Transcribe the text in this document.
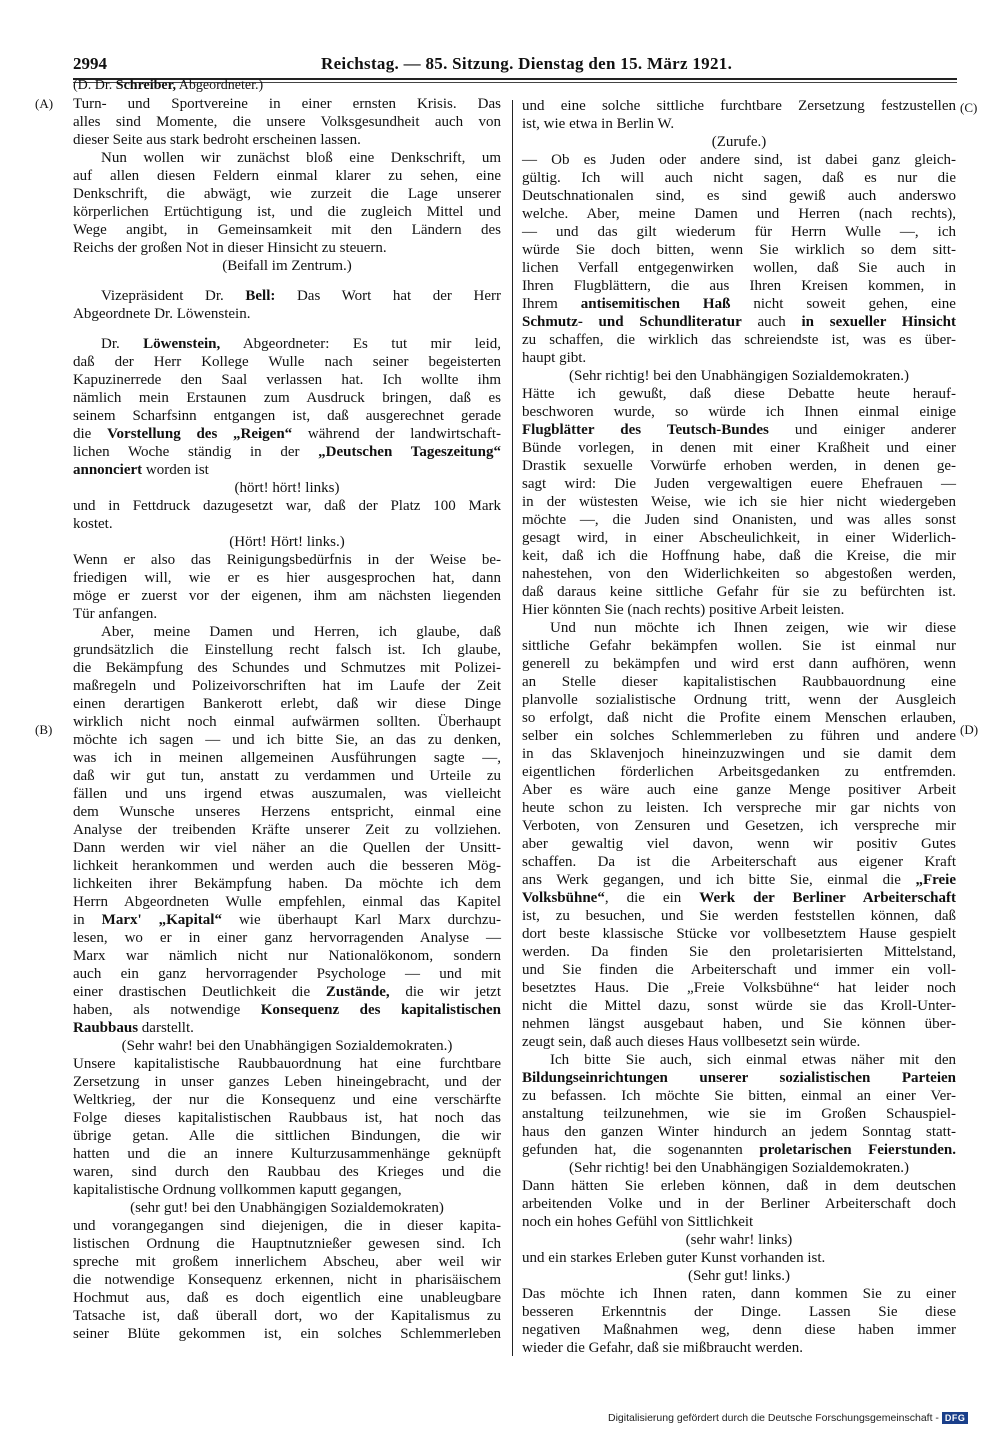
2994	Reichstag. — 85. Sitzung. Dienstag den 15. März 1921.
(A)
(B)
(C)
(D)
(D. Dr. Schreiber, Abgeordneter.)
Turn- und Sportvereine in einer ernsten Krisis. Das
alles sind Momente, die unsere Volksgesundheit auch von
dieser Seite aus stark bedroht erscheinen lassen.
Nun wollen wir zunächst bloß eine Denkschrift, um
auf allen diesen Feldern einmal klarer zu sehen, eine
Denkschrift, die abwägt, wie zurzeit die Lage unserer
körperlichen Ertüchtigung ist, und die zugleich Mittel und
Wege angibt, in Gemeinsamkeit mit den Ländern des
Reichs der großen Not in dieser Hinsicht zu steuern.
(Beifall im Zentrum.)
Vizepräsident Dr. Bell: Das Wort hat der Herr
Abgeordnete Dr. Löwenstein.
Dr. Löwenstein, Abgeordneter: Es tut mir leid,
daß der Herr Kollege Wulle nach seiner begeisterten
Kapuzinerrede den Saal verlassen hat. Ich wollte ihm
nämlich mein Erstaunen zum Ausdruck bringen, daß es
seinem Scharfsinn entgangen ist, daß ausgerechnet gerade
die Vorstellung des „Reigen“ während der landwirtschaft-
lichen Woche ständig in der „Deutschen Tageszeitung“
annonciert worden ist
(hört! hört! links)
und in Fettdruck dazugesetzt war, daß der Platz 100 Mark
kostet.
(Hört! Hört! links.)
Wenn er also das Reinigungsbedürfnis in der Weise be-
friedigen will, wie er es hier ausgesprochen hat, dann
möge er zuerst vor der eigenen, ihm am nächsten liegenden
Tür anfangen.
Aber, meine Damen und Herren, ich glaube, daß
grundsätzlich die Einstellung recht falsch ist. Ich glaube,
die Bekämpfung des Schundes und Schmutzes mit Polizei-
maßregeln und Polizeivorschriften hat im Laufe der Zeit
einen derartigen Bankerott erlebt, daß wir diese Dinge
wirklich nicht noch einmal aufwärmen sollten. Überhaupt
möchte ich sagen — und ich bitte Sie, an das zu denken,
was ich in meinen allgemeinen Ausführungen sagte —,
daß wir gut tun, anstatt zu verdammen und Urteile zu
fällen und uns irgend etwas auszumalen, was vielleicht
dem Wunsche unseres Herzens entspricht, einmal eine
Analyse der treibenden Kräfte unserer Zeit zu vollziehen.
Dann werden wir viel näher an die Quellen der Unsitt-
lichkeit herankommen und werden auch die besseren Mög-
lichkeiten ihrer Bekämpfung haben. Da möchte ich dem
Herrn Abgeordneten Wulle empfehlen, einmal das Kapitel
in Marx' „Kapital“ wie überhaupt Karl Marx durchzu-
lesen, wo er in einer ganz hervorragenden Analyse —
Marx war nämlich nicht nur Nationalökonom, sondern
auch ein ganz hervorragender Psychologe — und mit
einer drastischen Deutlichkeit die Zustände, die wir jetzt
haben, als notwendige Konsequenz des kapitalistischen
Raubbaus darstellt.
(Sehr wahr! bei den Unabhängigen Sozialdemokraten.)
Unsere kapitalistische Raubbauordnung hat eine furchtbare
Zersetzung in unser ganzes Leben hineingebracht, und der
Weltkrieg, der nur die Konsequenz und eine verschärfte
Folge dieses kapitalistischen Raubbaus ist, hat noch das
übrige getan. Alle die sittlichen Bindungen, die wir
hatten und die an innere Kulturzusammenhänge geknüpft
waren, sind durch den Raubbau des Krieges und die
kapitalistische Ordnung vollkommen kaputt gegangen,
(sehr gut! bei den Unabhängigen Sozialdemokraten)
und vorangegangen sind diejenigen, die in dieser kapita-
listischen Ordnung die Hauptnutznießer gewesen sind. Ich
spreche mit großem innerlichem Abscheu, aber weil wir
die notwendige Konsequenz erkennen, nicht in pharisäischem
Hochmut aus, daß es doch eigentlich eine unableugbare
Tatsache ist, daß überall dort, wo der Kapitalismus zu
seiner Blüte gekommen ist, ein solches Schlemmerleben
und eine solche sittliche furchtbare Zersetzung festzustellen
ist, wie etwa in Berlin W.
(Zurufe.)
— Ob es Juden oder andere sind, ist dabei ganz gleich-
gültig. Ich will auch nicht sagen, daß es nur die
Deutschnationalen sind, es sind gewiß auch anderswo
welche. Aber, meine Damen und Herren (nach rechts),
— und das gilt wiederum für Herrn Wulle —, ich
würde Sie doch bitten, wenn Sie wirklich so dem sitt-
lichen Verfall entgegenwirken wollen, daß Sie auch in
Ihren Flugblättern, die aus Ihren Kreisen kommen, in
Ihrem antisemitischen Haß nicht soweit gehen, eine
Schmutz- und Schundliteratur auch in sexueller Hinsicht
zu schaffen, die wirklich das schreiendste ist, was es über-
haupt gibt.
(Sehr richtig! bei den Unabhängigen Sozialdemokraten.)
Hätte ich gewußt, daß diese Debatte heute herauf-
beschworen wurde, so würde ich Ihnen einmal einige
Flugblätter des Teutsch-Bundes und einiger anderer
Bünde vorlegen, in denen mit einer Kraßheit und einer
Drastik sexuelle Vorwürfe erhoben werden, in denen ge-
sagt wird: Die Juden vergewaltigen euere Ehefrauen —
in der wüstesten Weise, wie ich sie hier nicht wiedergeben
möchte —, die Juden sind Onanisten, und was alles sonst
gesagt wird, in einer Abscheulichkeit, in einer Widerlich-
keit, daß ich die Hoffnung habe, daß die Kreise, die mir
nahestehen, von den Widerlichkeiten so abgestoßen werden,
daß daraus keine sittliche Gefahr für sie zu befürchten ist.
Hier könnten Sie (nach rechts) positive Arbeit leisten.
Und nun möchte ich Ihnen zeigen, wie wir diese
sittliche Gefahr bekämpfen wollen. Sie ist einmal nur
generell zu bekämpfen und wird erst dann aufhören, wenn
an Stelle dieser kapitalistischen Raubbauordnung eine
planvolle sozialistische Ordnung tritt, wenn der Ausgleich
so erfolgt, daß nicht die Profite einem Menschen erlauben,
selber ein solches Schlemmerleben zu führen und andere
in das Sklavenjoch hineinzuzwingen und sie damit dem
eigentlichen förderlichen Arbeitsgedanken zu entfremden.
Aber es wäre auch eine ganze Menge positiver Arbeit
heute schon zu leisten. Ich verspreche mir gar nichts von
Verboten, von Zensuren und Gesetzen, ich verspreche mir
aber gewaltig viel davon, wenn wir positiv Gutes
schaffen. Da ist die Arbeiterschaft aus eigener Kraft
ans Werk gegangen, und ich bitte Sie, einmal die „Freie
Volksbühne“, die ein Werk der Berliner Arbeiterschaft
ist, zu besuchen, und Sie werden feststellen können, daß
dort beste klassische Stücke vor vollbesetztem Hause gespielt
werden. Da finden Sie den proletarisierten Mittelstand,
und Sie finden die Arbeiterschaft und immer ein voll-
besetztes Haus. Die „Freie Volksbühne“ hat leider noch
nicht die Mittel dazu, sonst würde sie das Kroll-Unter-
nehmen längst ausgebaut haben, und Sie können über-
zeugt sein, daß auch dieses Haus vollbesetzt sein würde.
Ich bitte Sie auch, sich einmal etwas näher mit den
Bildungseinrichtungen unserer sozialistischen Parteien
zu befassen. Ich möchte Sie bitten, einmal an einer Ver-
anstaltung teilzunehmen, wie sie im Großen Schauspiel-
haus den ganzen Winter hindurch an jedem Sonntag statt-
gefunden hat, die sogenannten proletarischen Feierstunden.
(Sehr richtig! bei den Unabhängigen Sozialdemokraten.)
Dann hätten Sie erleben können, daß in dem deutschen
arbeitenden Volke und in der Berliner Arbeiterschaft doch
noch ein hohes Gefühl von Sittlichkeit
(sehr wahr! links)
und ein starkes Erleben guter Kunst vorhanden ist.
(Sehr gut! links.)
Das möchte ich Ihnen raten, dann kommen Sie zu einer
besseren Erkenntnis der Dinge. Lassen Sie diese
negativen Maßnahmen weg, denn diese haben immer
wieder die Gefahr, daß sie mißbraucht werden.
Digitalisierung gefördert durch die Deutsche Forschungsgemeinschaft - DFG
